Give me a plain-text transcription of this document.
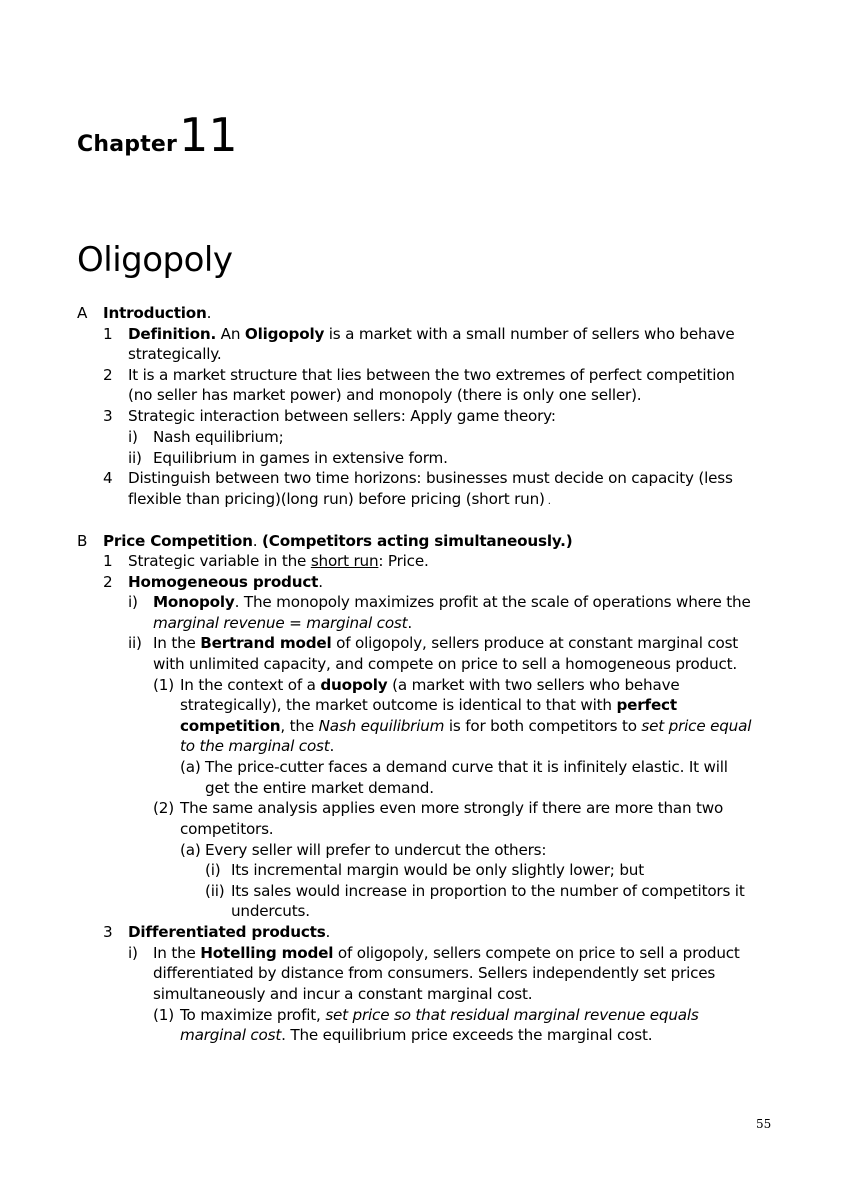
Chapter11
Oligopoly
A Introduction.
1 Definition. An Oligopoly is a market with a small number of sellers who behave
strategically.
2 It is a market structure that lies between the two extremes of perfect competition
(no seller has market power) and monopoly (there is only one seller).
3 Strategic interaction between sellers: Apply game theory:
i) Nash equilibrium;
ii) Equilibrium in games in extensive form.
4 Distinguish between two time horizons: businesses must decide on capacity (less
flexible than pricing)(long run) before pricing (short run) .
B Price Competition. (Competitors acting simultaneously.)
1 Strategic variable in the short run: Price.
2 Homogeneous product.
i) Monopoly. The monopoly maximizes profit at the scale of operations where the
marginal revenue = marginal cost.
ii) In the Bertrand model of oligopoly, sellers produce at constant marginal cost
with unlimited capacity, and compete on price to sell a homogeneous product.
(1) In the context of a duopoly (a market with two sellers who behave
strategically), the market outcome is identical to that with perfect
competition, the Nash equilibrium is for both competitors to set price equal
to the marginal cost.
(a) The price-cutter faces a demand curve that it is infinitely elastic. It will
get the entire market demand.
(2) The same analysis applies even more strongly if there are more than two
competitors.
(a) Every seller will prefer to undercut the others:
(i) Its incremental margin would be only slightly lower; but
(ii) Its sales would increase in proportion to the number of competitors it
undercuts.
3 Differentiated products.
i) In the Hotelling model of oligopoly, sellers compete on price to sell a product
differentiated by distance from consumers. Sellers independently set prices
simultaneously and incur a constant marginal cost.
(1) To maximize profit, set price so that residual marginal revenue equals
marginal cost. The equilibrium price exceeds the marginal cost.
55
